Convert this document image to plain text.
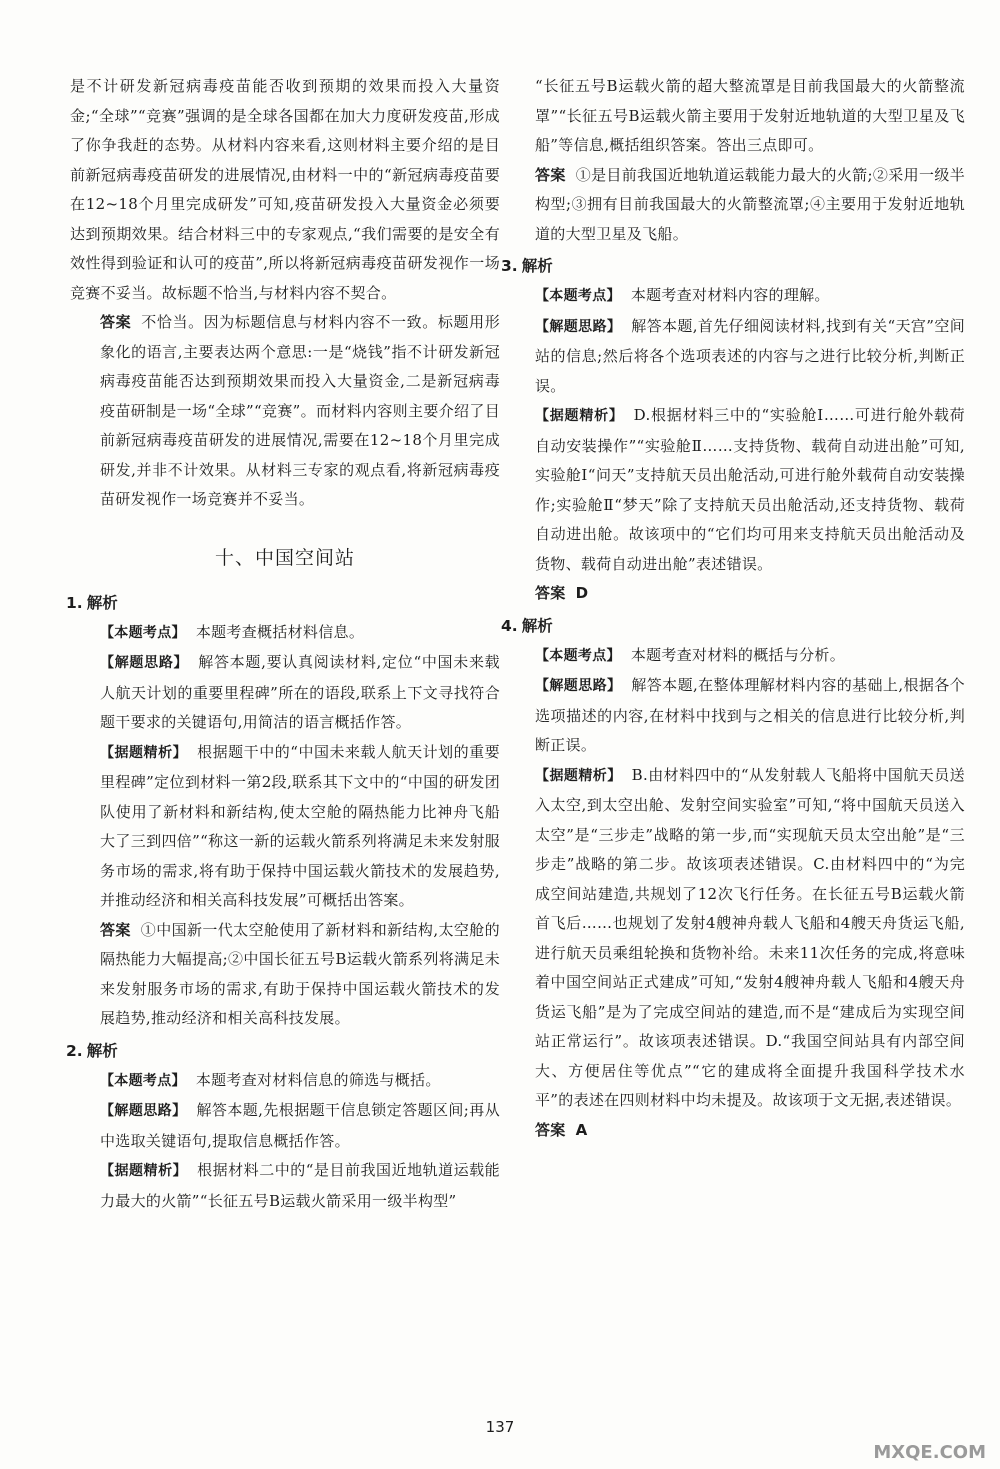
是不计研发新冠病毒疫苗能否收到预期的效果而投入大量资金;“全球”“竞赛”强调的是全球各国都在加大力度研发疫苗,形成了你争我赶的态势。从材料内容来看,这则材料主要介绍的是目前新冠病毒疫苗研发的进展情况,由材料一中的“新冠病毒疫苗要在12~18个月里完成研发”可知,疫苗研发投入大量资金必须要达到预期效果。结合材料三中的专家观点,“我们需要的是安全有效性得到验证和认可的疫苗”,所以将新冠病毒疫苗研发视作一场竞赛不妥当。故标题不恰当,与材料内容不契合。

答案 不恰当。因为标题信息与材料内容不一致。标题用形象化的语言,主要表达两个意思:一是“烧钱”指不计研发新冠病毒疫苗能否达到预期效果而投入大量资金,二是新冠病毒疫苗研制是一场“全球”“竞赛”。而材料内容则主要介绍了目前新冠病毒疫苗研发的进展情况,需要在12~18个月里完成研发,并非不计效果。从材料三专家的观点看,将新冠病毒疫苗研发视作一场竞赛并不妥当。

十、中国空间站
1. 解析

【本题考点】 本题考查概括材料信息。

【解题思路】 解答本题,要认真阅读材料,定位“中国未来载人航天计划的重要里程碑”所在的语段,联系上下文寻找符合题干要求的关键语句,用简洁的语言概括作答。

【据题精析】 根据题干中的“中国未来载人航天计划的重要里程碑”定位到材料一第2段,联系其下文中的“中国的研发团队使用了新材料和新结构,使太空舱的隔热能力比神舟飞船大了三到四倍”“称这一新的运载火箭系列将满足未来发射服务市场的需求,将有助于保持中国运载火箭技术的发展趋势,并推动经济和相关高科技发展”可概括出答案。

答案 ①中国新一代太空舱使用了新材料和新结构,太空舱的隔热能力大幅提高;②中国长征五号B运载火箭系列将满足未来发射服务市场的需求,有助于保持中国运载火箭技术的发展趋势,推动经济和相关高科技发展。

2. 解析

【本题考点】 本题考查对材料信息的筛选与概括。

【解题思路】 解答本题,先根据题干信息锁定答题区间;再从中选取关键语句,提取信息概括作答。

【据题精析】 根据材料二中的“是目前我国近地轨道运载能力最大的火箭”“长征五号B运载火箭采用一级半构型”

“长征五号B运载火箭的超大整流罩是目前我国最大的火箭整流罩”“长征五号B运载火箭主要用于发射近地轨道的大型卫星及飞船”等信息,概括组织答案。答出三点即可。

答案 ①是目前我国近地轨道运载能力最大的火箭;②采用一级半构型;③拥有目前我国最大的火箭整流罩;④主要用于发射近地轨道的大型卫星及飞船。

3. 解析

【本题考点】 本题考查对材料内容的理解。

【解题思路】 解答本题,首先仔细阅读材料,找到有关“天宫”空间站的信息;然后将各个选项表述的内容与之进行比较分析,判断正误。

【据题精析】 D.根据材料三中的“实验舱Ⅰ……可进行舱外载荷自动安装操作”“实验舱Ⅱ……支持货物、载荷自动进出舱”可知,实验舱Ⅰ“问天”支持航天员出舱活动,可进行舱外载荷自动安装操作;实验舱Ⅱ“梦天”除了支持航天员出舱活动,还支持货物、载荷自动进出舱。故该项中的“它们均可用来支持航天员出舱活动及货物、载荷自动进出舱”表述错误。

答案 D

4. 解析

【本题考点】 本题考查对材料的概括与分析。

【解题思路】 解答本题,在整体理解材料内容的基础上,根据各个选项描述的内容,在材料中找到与之相关的信息进行比较分析,判断正误。

【据题精析】 B.由材料四中的“从发射载人飞船将中国航天员送入太空,到太空出舱、发射空间实验室”可知,“将中国航天员送入太空”是“三步走”战略的第一步,而“实现航天员太空出舱”是“三步走”战略的第二步。故该项表述错误。C.由材料四中的“为完成空间站建造,共规划了12次飞行任务。在长征五号B运载火箭首飞后……也规划了发射4艘神舟载人飞船和4艘天舟货运飞船,进行航天员乘组轮换和货物补给。未来11次任务的完成,将意味着中国空间站正式建成”可知,“发射4艘神舟载人飞船和4艘天舟货运飞船”是为了完成空间站的建造,而不是“建成后为实现空间站正常运行”。故该项表述错误。D.“我国空间站具有内部空间大、方便居住等优点”“它的建成将全面提升我国科学技术水平”的表述在四则材料中均未提及。故该项于文无据,表述错误。

答案 A

137
MXQE.COM
